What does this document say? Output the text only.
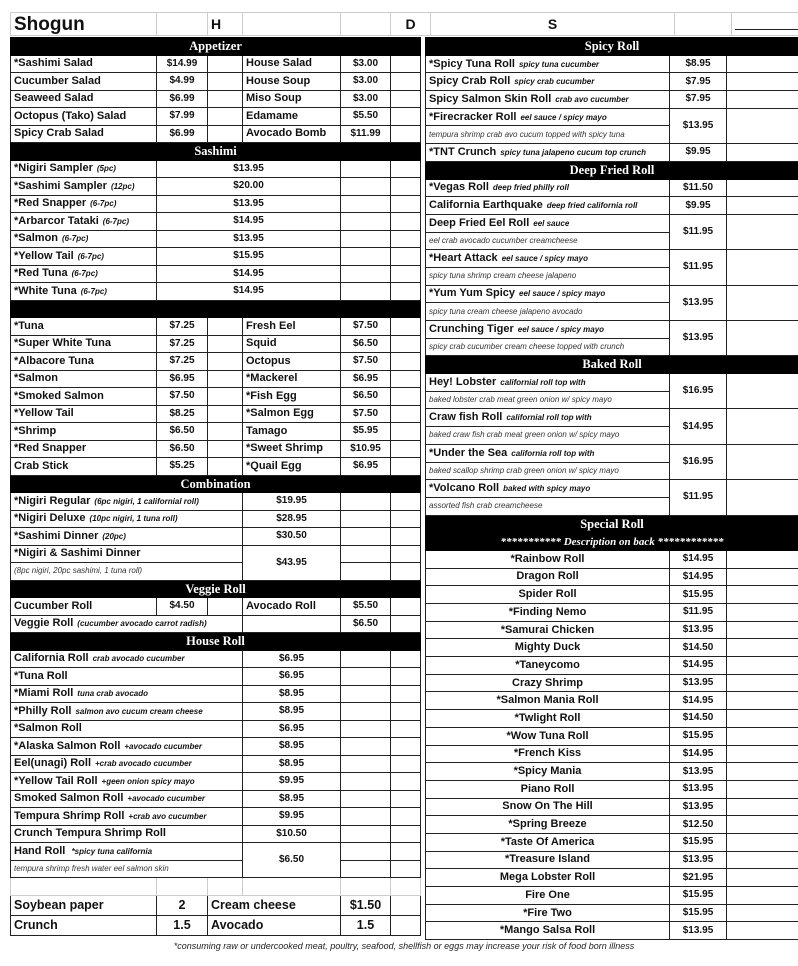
Shogun		H			D	S		
Appetizer					
*Sashimi Salad	$14.99		House Salad	$3.00	
Cucumber Salad	$4.99		House Soup	$3.00	
Seaweed Salad	$6.99		Miso Soup	$3.00	
Octopus (Tako) Salad	$7.99		Edamame	$5.50	
Spicy Crab Salad	$6.99		Avocado Bomb	$11.99	
Sashimi					
*Nigiri Sampler (5pc)	$13.95				
*Sashimi Sampler (12pc)	$20.00				
*Red Snapper (6-7pc)	$13.95				
*Arbarcor Tataki (6-7pc)	$14.95				
*Salmon (6-7pc)	$13.95				
*Yellow Tail (6-7pc)	$15.95				
*Red Tuna (6-7pc)	$14.95				
*White Tuna (6-7pc)	$14.95				

*Tuna	$7.25		Fresh Eel	$7.50	
*Super White Tuna	$7.25		Squid	$6.50	
*Albacore Tuna	$7.25		Octopus	$7.50	
*Salmon	$6.95		*Mackerel	$6.95	
*Smoked Salmon	$7.50		*Fish Egg	$6.50	
*Yellow Tail	$8.25		*Salmon Egg	$7.50	
*Shrimp	$6.50		Tamago	$5.95	
*Red Snapper	$6.50		*Sweet Shrimp	$10.95	
Crab Stick	$5.25		*Quail Egg	$6.95	
Combination					
*Nigiri Regular (6pc nigiri, 1 californial roll)			$19.95		
*Nigiri Deluxe (10pc nigiri, 1 tuna roll)			$28.95		
*Sashimi Dinner (20pc)			$30.50		
*Nigiri & Sashimi Dinner			$43.95		
(8pc nigiri, 20pc sashimi, 1 tuna roll)					
Veggie Roll					
Cucumber Roll	$4.50		Avocado Roll	$5.50	
Veggie Roll (cucumber avocado carrot radish)				$6.50	
House Roll					
California Roll crab avocado cucumber			$6.95		
*Tuna Roll			$6.95		
*Miami Roll tuna crab avocado			$8.95		
*Philly Roll salmon avo cucum cream cheese			$8.95		
*Salmon Roll			$6.95		
*Alaska Salmon Roll +avocado cucumber			$8.95		
Eel(unagi) Roll +crab avocado cucumber			$8.95		
*Yellow Tail Roll +geen onion spicy mayo			$9.95		
Smoked Salmon Roll +avocado cucumber			$8.95		
Tempura Shrimp Roll +crab avo cucumber			$9.95		
Crunch Tempura Shrimp Roll			$10.50		
Hand Roll *spicy tuna california			$6.50		
tempura shrimp fresh water eel salmon skin					

Soybean paper	2	Cream cheese		$1.50	
Crunch	1.5	Avocado		1.5	
Spicy Roll		
*Spicy Tuna Roll spicy tuna cucumber	$8.95	
Spicy Crab Roll spicy crab cucumber	$7.95	
Spicy Salmon Skin Roll crab avo cucumber	$7.95	
*Firecracker Roll eel sauce / spicy mayo	$13.95	
tempura shrimp crab avo cucum topped with spicy tuna		
*TNT Crunch spicy tuna jalapeno cucum top crunch	$9.95	
Deep Fried Roll		
*Vegas Roll deep fried philly roll	$11.50	
California Earthquake deep fried california roll	$9.95	
Deep Fried Eel Roll eel sauce	$11.95	
eel crab avocado cucumber creamcheese		
*Heart Attack eel sauce / spicy mayo	$11.95	
spicy tuna shrimp cream cheese jalapeno		
*Yum Yum Spicy eel sauce / spicy mayo	$13.95	
spicy tuna cream cheese jalapeno avocado		
Crunching Tiger eel sauce / spicy mayo	$13.95	
spicy crab cucumber cream cheese topped with crunch		
Baked Roll		
Hey! Lobster californial roll top with	$16.95	
baked lobster crab meat green onion w/ spicy mayo		
Craw fish Roll californial roll top with	$14.95	
baked craw fish crab meat green onion w/ spicy mayo		
*Under the Sea california roll top with	$16.95	
baked scallop shrimp crab green onion w/ spicy mayo		
*Volcano Roll baked with spicy mayo	$11.95	
assorted fish crab creamcheese		
Special Roll		
*********** Description on back ************		
*Rainbow Roll	$14.95	
Dragon Roll	$14.95	
Spider Roll	$15.95	
*Finding Nemo	$11.95	
*Samurai Chicken	$13.95	
Mighty Duck	$14.50	
*Taneycomo	$14.95	
Crazy Shrimp	$13.95	
*Salmon Mania Roll	$14.95	
*Twlight Roll	$14.50	
*Wow Tuna Roll	$15.95	
*French Kiss	$14.95	
*Spicy Mania	$13.95	
Piano Roll	$13.95	
Snow On The Hill	$13.95	
*Spring Breeze	$12.50	
*Taste Of America	$15.95	
*Treasure Island	$13.95	
Mega Lobster Roll	$21.95	
Fire One	$15.95	
*Fire Two	$15.95	
*Mango Salsa Roll	$13.95	
*consuming raw or undercooked meat, poultry, seafood, shellfish or eggs may increase your risk of food born illness
